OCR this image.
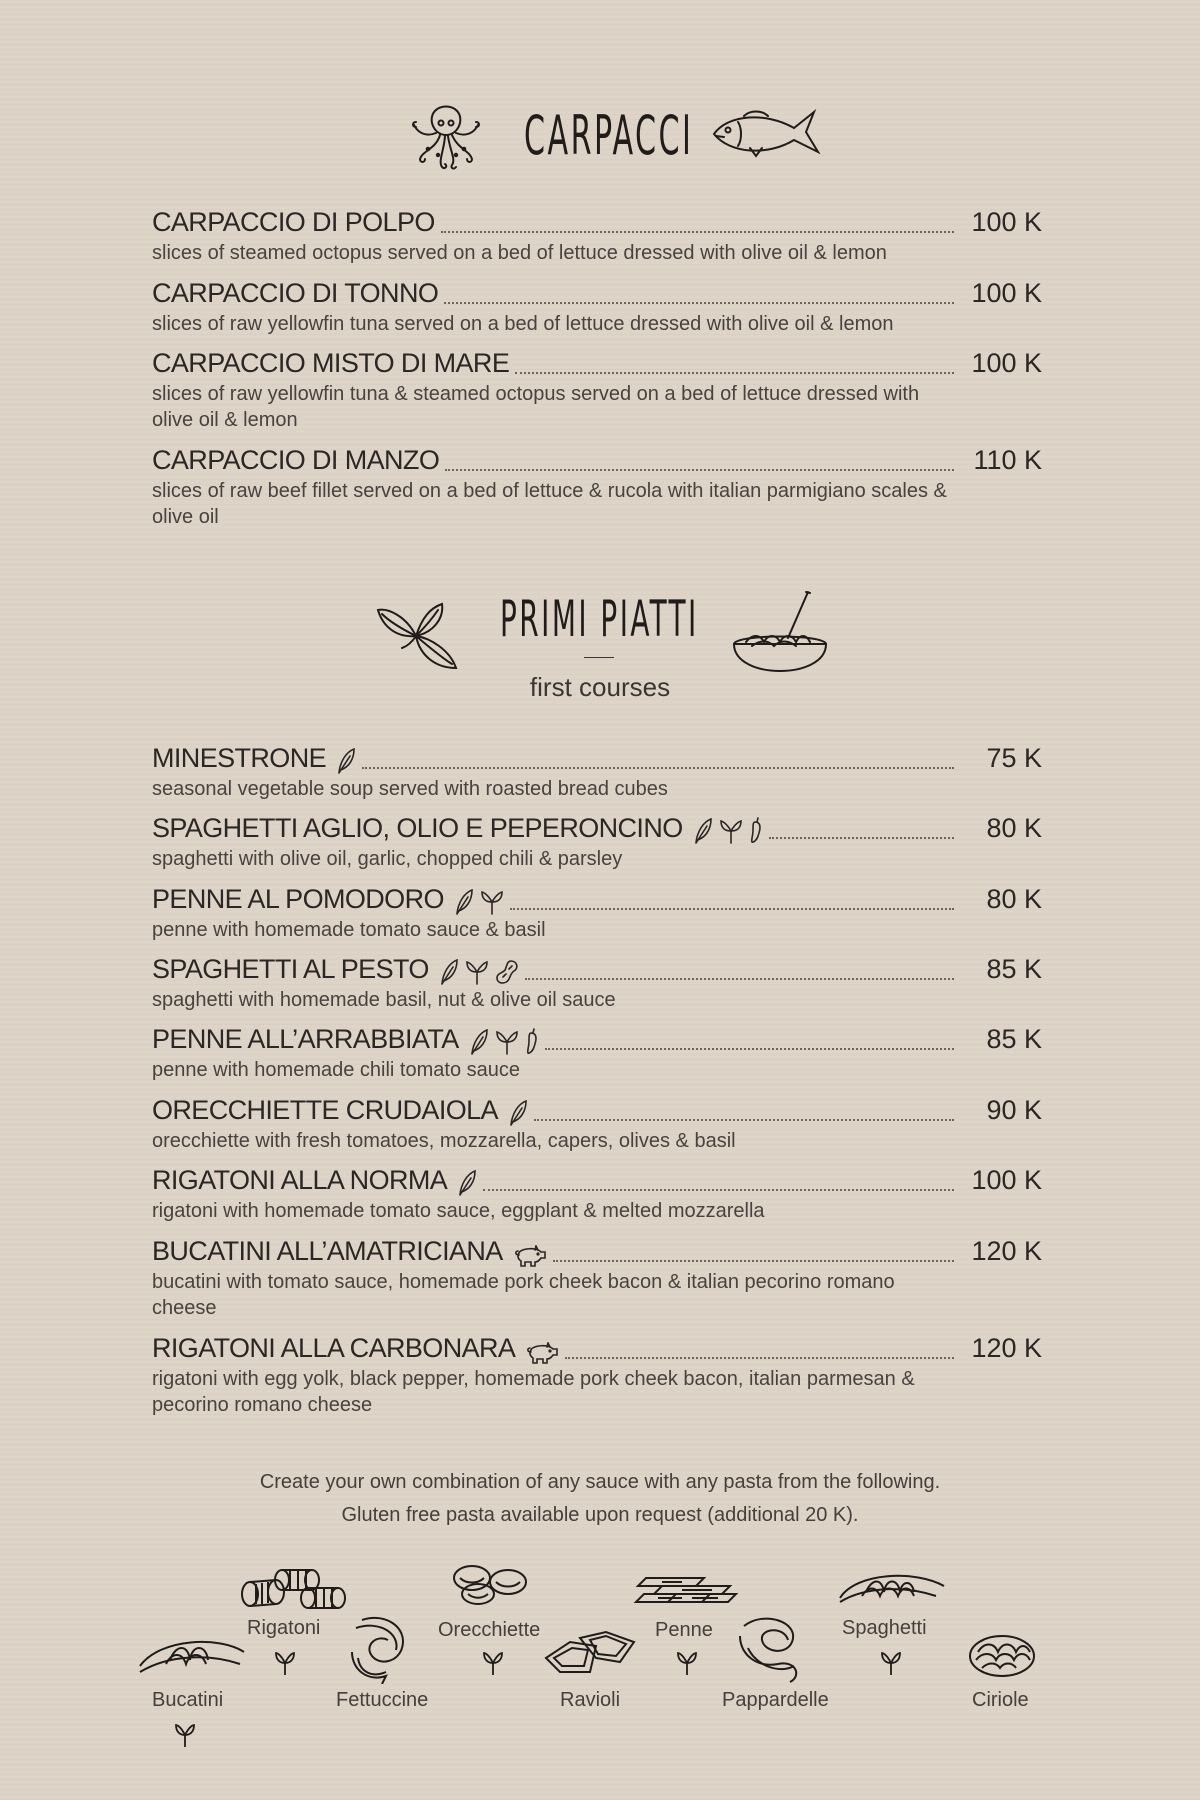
CARPACCI
CARPACCIO DI POLPO	100 K
slices of steamed octopus served on a bed of lettuce dressed with olive oil & lemon
CARPACCIO DI TONNO	100 K
slices of raw yellowfin tuna served on a bed of lettuce dressed with olive oil & lemon
CARPACCIO MISTO DI MARE	100 K
slices of raw yellowfin tuna & steamed octopus served on a bed of lettuce dressed with olive oil & lemon
CARPACCIO DI MANZO	110 K
slices of raw beef fillet served on a bed of lettuce & rucola with italian parmigiano scales & olive oil
PRIMI PIATTI
first courses
MINESTRONE	75 K
seasonal vegetable soup served with roasted bread cubes
SPAGHETTI AGLIO, OLIO E PEPERONCINO	80 K
spaghetti with olive oil, garlic, chopped chili & parsley
PENNE AL POMODORO	80 K
penne with homemade tomato sauce & basil
SPAGHETTI AL PESTO	85 K
spaghetti with homemade basil, nut & olive oil sauce
PENNE ALL’ARRABBIATA	85 K
penne with homemade chili tomato sauce
ORECCHIETTE CRUDAIOLA	90 K
orecchiette with fresh tomatoes, mozzarella, capers, olives & basil
RIGATONI ALLA NORMA	100 K
rigatoni with homemade tomato sauce, eggplant & melted mozzarella
BUCATINI ALL’AMATRICIANA	120 K
bucatini with tomato sauce, homemade pork cheek bacon & italian pecorino romano cheese
RIGATONI ALLA CARBONARA	120 K
rigatoni with egg yolk, black pepper, homemade pork cheek bacon, italian parmesan & pecorino romano cheese
Create your own combination of any sauce with any pasta from the following.
Gluten free pasta available upon request (additional 20 K).
Rigatoni	Orecchiette	Penne	Spaghetti
Bucatini	Fettuccine	Ravioli	Pappardelle	Ciriole
